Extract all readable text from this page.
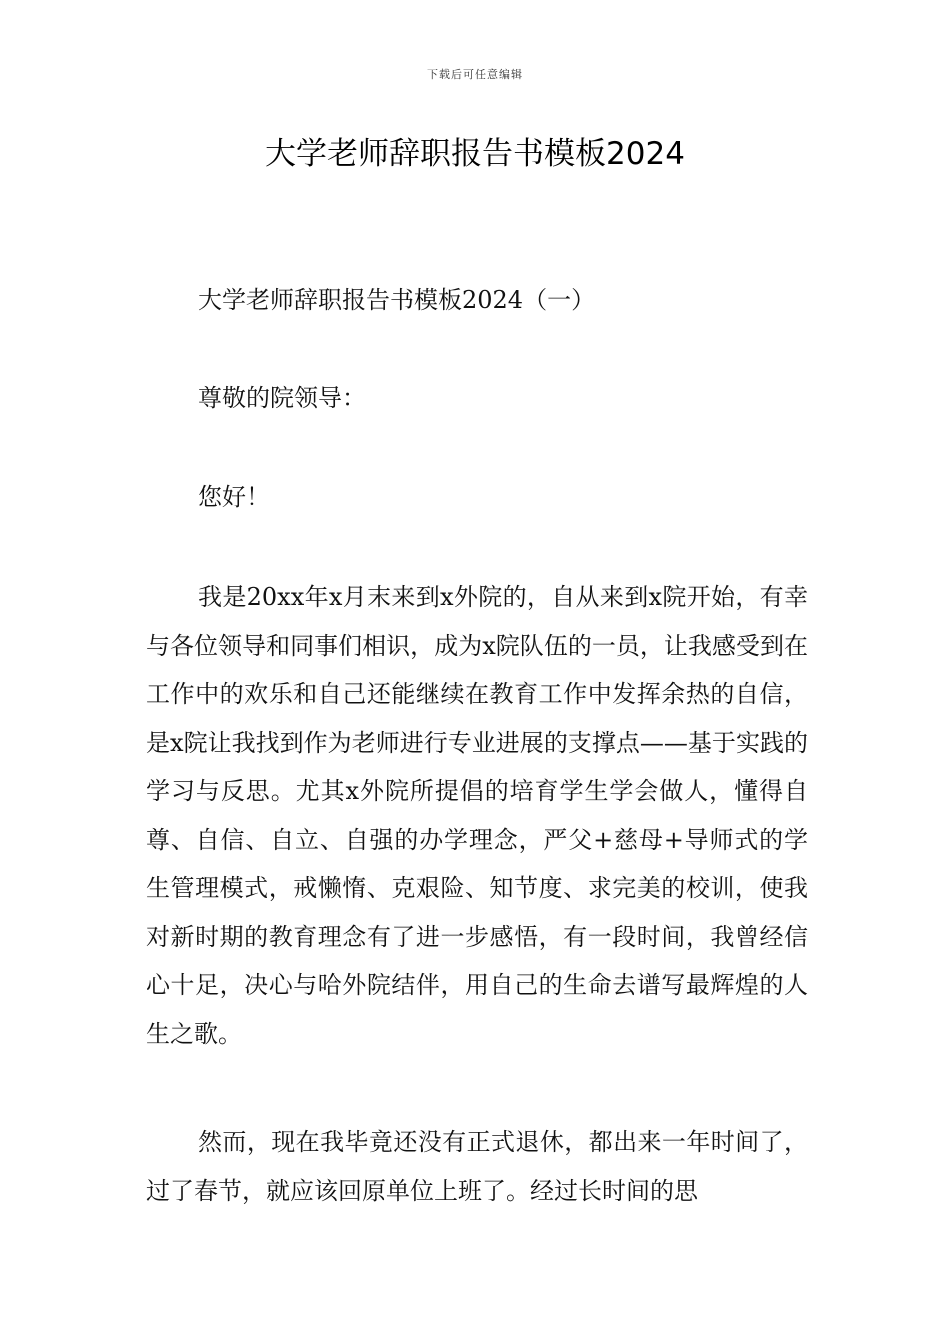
下载后可任意编辑
大学老师辞职报告书模板2024

大学老师辞职报告书模板2024（一）

尊敬的院领导：

您好！

我是20xx年x月末来到x外院的，自从来到x院开始，有幸与各位领导和同事们相识，成为x院队伍的一员，让我感受到在工作中的欢乐和自己还能继续在教育工作中发挥余热的自信，是x院让我找到作为老师进行专业进展的支撑点——基于实践的学习与反思。尤其x外院所提倡的培育学生学会做人，懂得自尊、自信、自立、自强的办学理念，严父+慈母+导师式的学生管理模式，戒懒惰、克艰险、知节度、求完美的校训，使我对新时期的教育理念有了进一步感悟，有一段时间，我曾经信心十足，决心与哈外院结伴，用自己的生命去谱写最辉煌的人生之歌。

然而，现在我毕竟还没有正式退休，都出来一年时间了，过了春节，就应该回原单位上班了。经过长时间的思
